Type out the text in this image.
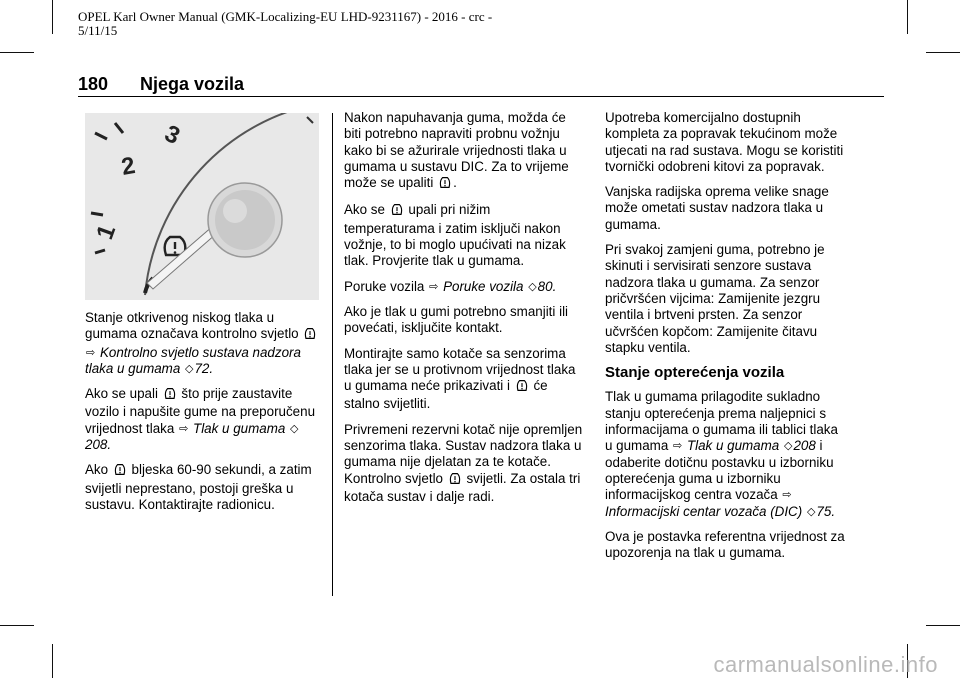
OPEL Karl Owner Manual (GMK-Localizing-EU LHD-9231167) - 2016 - crc -
5/11/15
180 Njega vozila
3
2
1

Stanje otkrivenog niskog tlaka u gumama označava kontrolno svjetlo  ⇨ Kontrolno svjetlo sustava nadzora tlaka u gumama ◇72.

Ako se upali što prije zaustavite vozilo i napušite gume na preporučenu vrijednost tlaka ⇨ Tlak u gumama ◇208.

Ako bljeska 60-90 sekundi, a zatim svijetli neprestano, postoji greška u sustavu. Kontaktirajte radionicu.

Nakon napuhavanja guma, možda će biti potrebno napraviti probnu vožnju kako bi se ažurirale vrijednosti tlaka u gumama u sustavu DIC. Za to vrijeme može se upaliti .

Ako se upali pri nižim temperaturama i zatim isključi nakon vožnje, to bi moglo upućivati na nizak tlak. Provjerite tlak u gumama.

Poruke vozila ⇨ Poruke vozila ◇80.

Ako je tlak u gumi potrebno smanjiti ili povećati, isključite kontakt.

Montirajte samo kotače sa senzorima tlaka jer se u protivnom vrijednost tlaka u gumama neće prikazivati i će stalno svijetliti.

Privremeni rezervni kotač nije opremljen senzorima tlaka. Sustav nadzora tlaka u gumama nije djelatan za te kotače. Kontrolno svjetlo svijetli. Za ostala tri kotača sustav i dalje radi.

Upotreba komercijalno dostupnih kompleta za popravak tekućinom može utjecati na rad sustava. Mogu se koristiti tvornički odobreni kitovi za popravak.

Vanjska radijska oprema velike snage može ometati sustav nadzora tlaka u gumama.

Pri svakoj zamjeni guma, potrebno je skinuti i servisirati senzore sustava nadzora tlaka u gumama. Za senzor pričvršćen vijcima: Zamijenite jezgru ventila i brtveni prsten. Za senzor učvršćen kopčom: Zamijenite čitavu stapku ventila.

Stanje opterećenja vozila

Tlak u gumama prilagodite sukladno stanju opterećenja prema naljepnici s informacijama o gumama ili tablici tlaka u gumama ⇨ Tlak u gumama ◇208 i odaberite dotičnu postavku u izborniku opterećenja guma u izborniku informacijskog centra vozača ⇨ Informacijski centar vozača (DIC) ◇75.

Ova je postavka referentna vrijednost za upozorenja na tlak u gumama.

carmanualsonline.info
